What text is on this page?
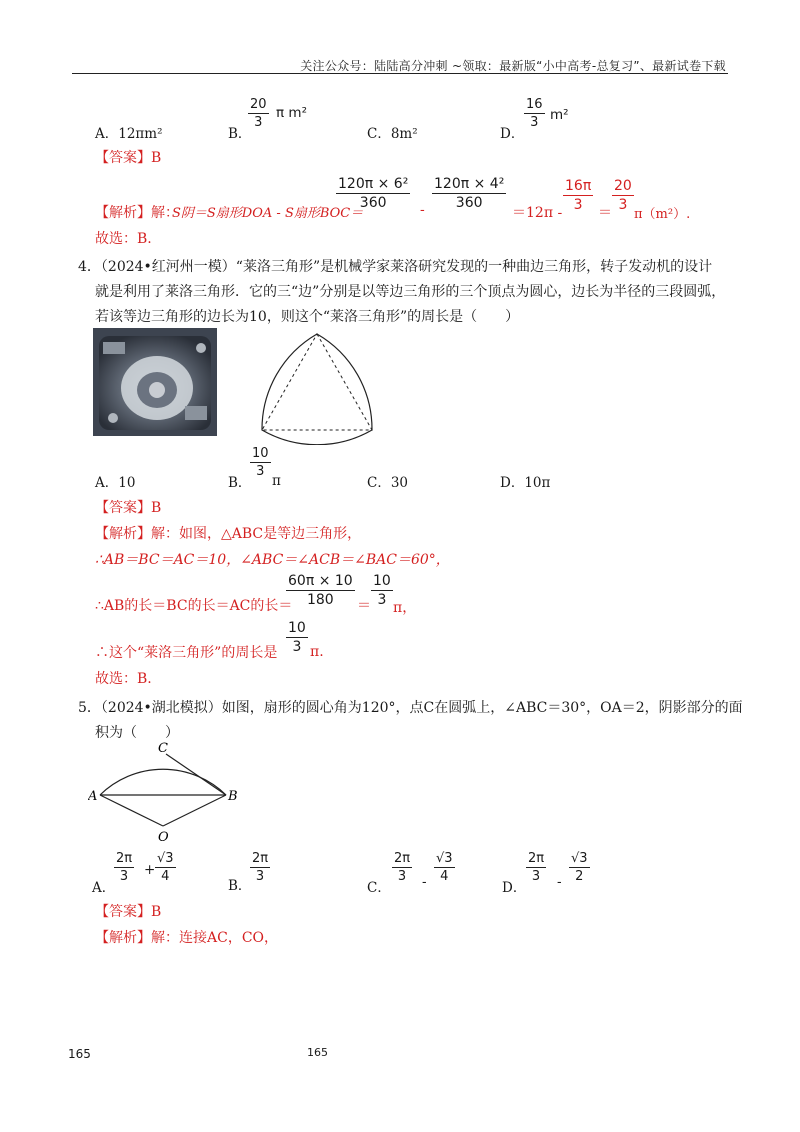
关注公众号：陆陆高分冲刺 ~领取：最新版“小中高考-总复习”、最新试卷下载
A．12πm²	B．
20
3
π m²
C．8m²	D．
16
3 m²
【答案】B
【解析】解：
S阴＝S扇形DOA - S扇形BOC＝
120π × 6²
360	-
120π × 4²
360
＝12π -
16π
3	＝
20
3
π（m²）.
故选：B.
4．（2024•红河州一模）“莱洛三角形”是机械学家莱洛研究发现的一种曲边三角形，转子发动机的设计
就是利用了莱洛三角形．它的三“边”分别是以等边三角形的三个顶点为圆心，边长为半径的三段圆弧，
若该等边三角形的边长为10，则这个“莱洛三角形”的周长是（　　）
A．10	B．
10
3
π	C．30	D．10π
【答案】B
【解析】解：如图，△ABC是等边三角形，
∴AB＝BC＝AC＝10，∠ABC＝∠ACB＝∠BAC＝60°，
∴AB的长＝BC的长＝AC的长＝
60π × 10
180	＝
10
3 π，
∴这个“莱洛三角形”的周长是
10
3 π.
故选：B.
5．（2024•湖北模拟）如图，扇形的圆心角为120°，点C在圆弧上，∠ABC＝30°，OA＝2，阴影部分的面
积为（　　）
C
A	B
O
A．
2π
3	+
√3
4
B．
2π
3
C．
2π
3	-
√3
4
D．
2π
3	-
√3
2
【答案】B
【解析】解：连接AC，CO，
165	165
